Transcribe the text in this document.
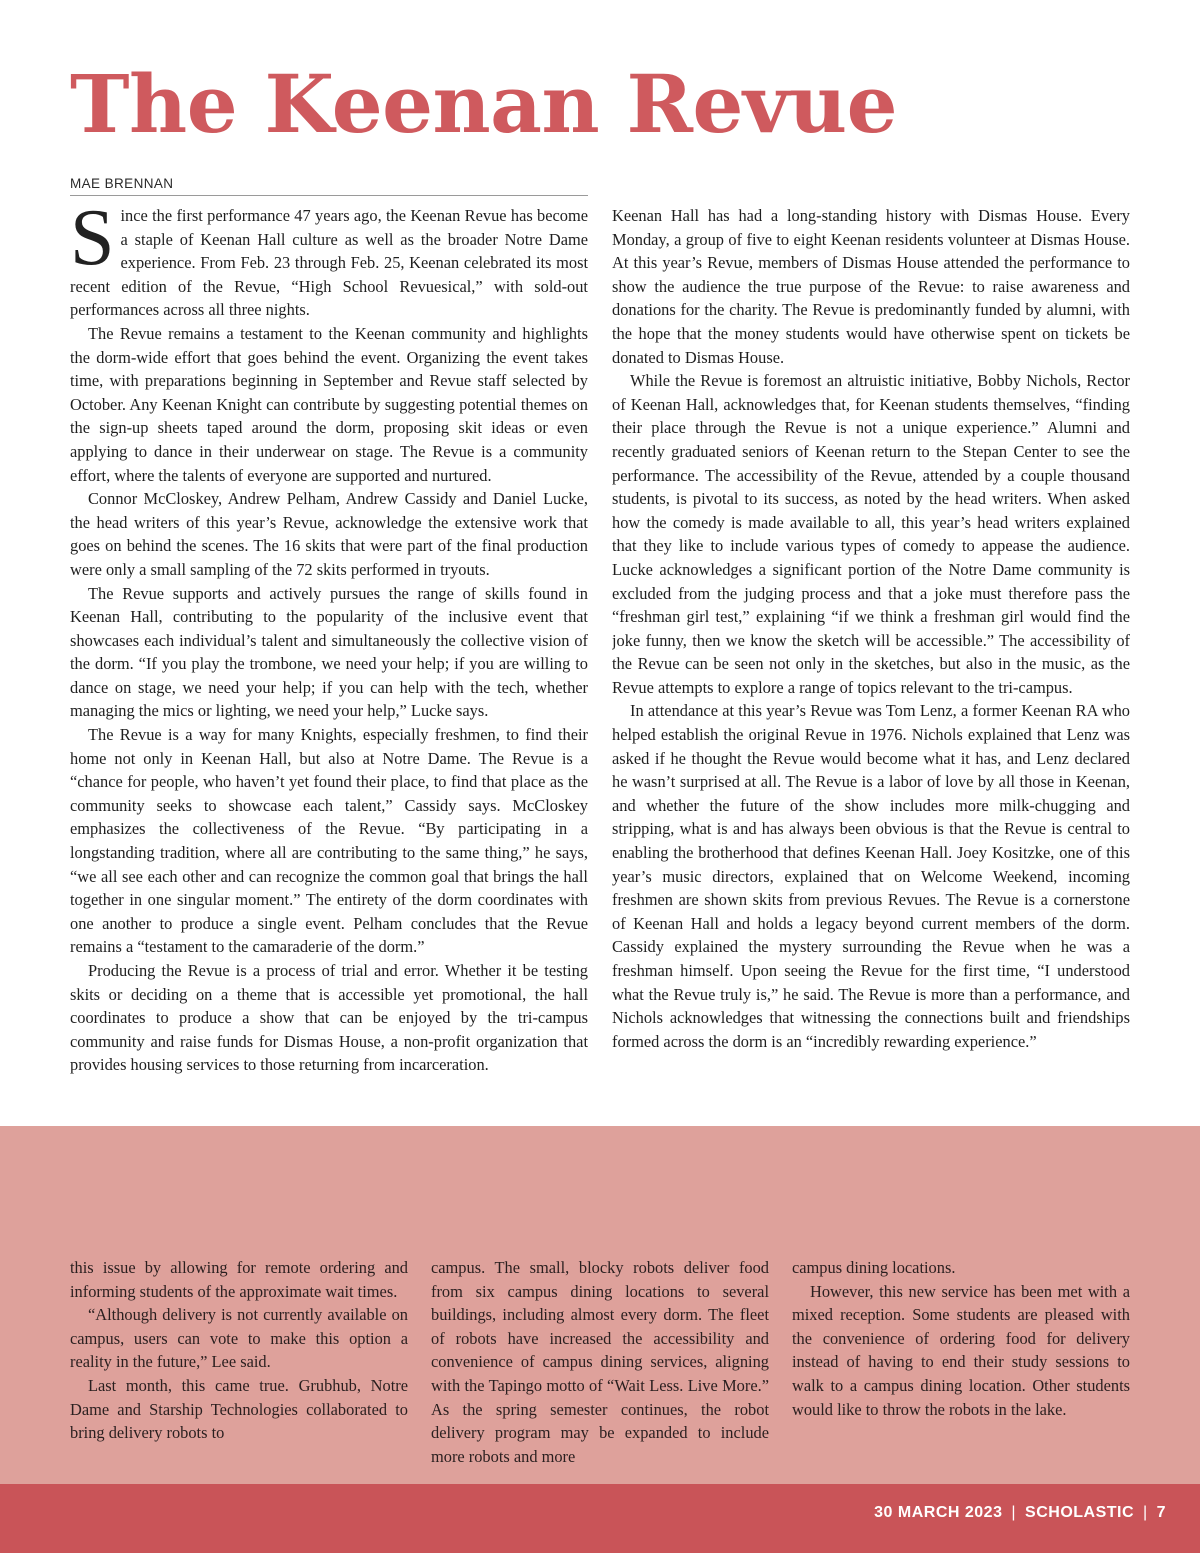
The Keenan Revue
MAE BRENNAN

Since the first performance 47 years ago, the Keenan Revue has become a staple of Keenan Hall culture as well as the broader Notre Dame experience. From Feb. 23 through Feb. 25, Keenan celebrated its most recent edition of the Revue, “High School Revuesical,” with sold-out performances across all three nights.

The Revue remains a testament to the Keenan community and highlights the dorm-wide effort that goes behind the event. Organizing the event takes time, with preparations beginning in September and Revue staff selected by October. Any Keenan Knight can contribute by suggesting potential themes on the sign-up sheets taped around the dorm, proposing skit ideas or even applying to dance in their underwear on stage. The Revue is a community effort, where the talents of everyone are supported and nurtured.

Connor McCloskey, Andrew Pelham, Andrew Cassidy and Daniel Lucke, the head writers of this year’s Revue, acknowledge the extensive work that goes on behind the scenes. The 16 skits that were part of the final production were only a small sampling of the 72 skits performed in tryouts.

The Revue supports and actively pursues the range of skills found in Keenan Hall, contributing to the popularity of the inclusive event that showcases each individual’s talent and simultaneously the collective vision of the dorm. “If you play the trombone, we need your help; if you are willing to dance on stage, we need your help; if you can help with the tech, whether managing the mics or lighting, we need your help,” Lucke says.

The Revue is a way for many Knights, especially freshmen, to find their home not only in Keenan Hall, but also at Notre Dame. The Revue is a “chance for people, who haven’t yet found their place, to find that place as the community seeks to showcase each talent,” Cassidy says. McCloskey emphasizes the collectiveness of the Revue. “By participating in a longstanding tradition, where all are contributing to the same thing,” he says, “we all see each other and can recognize the common goal that brings the hall together in one singular moment.” The entirety of the dorm coordinates with one another to produce a single event. Pelham concludes that the Revue remains a “testament to the camaraderie of the dorm.”

Producing the Revue is a process of trial and error. Whether it be testing skits or deciding on a theme that is accessible yet promotional, the hall coordinates to produce a show that can be enjoyed by the tri-campus community and raise funds for Dismas House, a non-profit organization that provides housing services to those returning from incarceration.

Keenan Hall has had a long-standing history with Dismas House. Every Monday, a group of five to eight Keenan residents volunteer at Dismas House. At this year’s Revue, members of Dismas House attended the performance to show the audience the true purpose of the Revue: to raise awareness and donations for the charity. The Revue is predominantly funded by alumni, with the hope that the money students would have otherwise spent on tickets be donated to Dismas House.

While the Revue is foremost an altruistic initiative, Bobby Nichols, Rector of Keenan Hall, acknowledges that, for Keenan students themselves, “finding their place through the Revue is not a unique experience.” Alumni and recently graduated seniors of Keenan return to the Stepan Center to see the performance. The accessibility of the Revue, attended by a couple thousand students, is pivotal to its success, as noted by the head writers. When asked how the comedy is made available to all, this year’s head writers explained that they like to include various types of comedy to appease the audience. Lucke acknowledges a significant portion of the Notre Dame community is excluded from the judging process and that a joke must therefore pass the “freshman girl test,” explaining “if we think a freshman girl would find the joke funny, then we know the sketch will be accessible.” The accessibility of the Revue can be seen not only in the sketches, but also in the music, as the Revue attempts to explore a range of topics relevant to the tri-campus.

In attendance at this year’s Revue was Tom Lenz, a former Keenan RA who helped establish the original Revue in 1976. Nichols explained that Lenz was asked if he thought the Revue would become what it has, and Lenz declared he wasn’t surprised at all. The Revue is a labor of love by all those in Keenan, and whether the future of the show includes more milk-chugging and stripping, what is and has always been obvious is that the Revue is central to enabling the brotherhood that defines Keenan Hall. Joey Kositzke, one of this year’s music directors, explained that on Welcome Weekend, incoming freshmen are shown skits from previous Revues. The Revue is a cornerstone of Keenan Hall and holds a legacy beyond current members of the dorm. Cassidy explained the mystery surrounding the Revue when he was a freshman himself. Upon seeing the Revue for the first time, “I understood what the Revue truly is,” he said. The Revue is more than a performance, and Nichols acknowledges that witnessing the connections built and friendships formed across the dorm is an “incredibly rewarding experience.”

this issue by allowing for remote ordering and informing students of the approximate wait times.

“Although delivery is not currently available on campus, users can vote to make this option a reality in the future,” Lee said.

Last month, this came true. Grubhub, Notre Dame and Starship Technologies collaborated to bring delivery robots to

campus. The small, blocky robots deliver food from six campus dining locations to several buildings, including almost every dorm. The fleet of robots have increased the accessibility and convenience of campus dining services, aligning with the Tapingo motto of “Wait Less. Live More.” As the spring semester continues, the robot delivery program may be expanded to include more robots and more

campus dining locations.

However, this new service has been met with a mixed reception. Some students are pleased with the convenience of ordering food for delivery instead of having to end their study sessions to walk to a campus dining location. Other students would like to throw the robots in the lake.

30 MARCH 2023 | SCHOLASTIC | 7
